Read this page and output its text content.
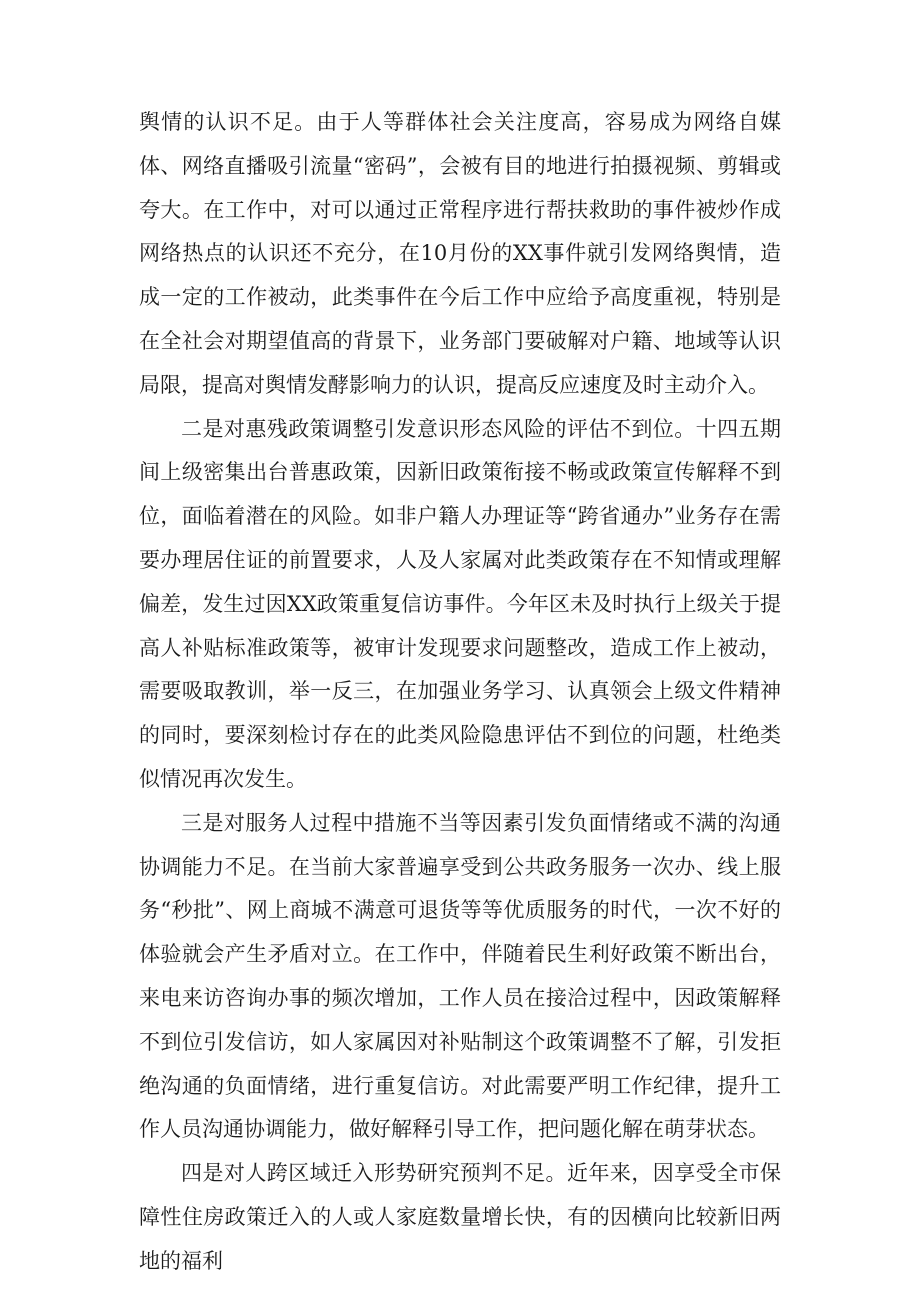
舆情的认识不足。由于人等群体社会关注度高，容易成为网络自媒体、网络直播吸引流量“密码”，会被有目的地进行拍摄视频、剪辑或夸大。在工作中，对可以通过正常程序进行帮扶救助的事件被炒作成网络热点的认识还不充分，在10月份的XX事件就引发网络舆情，造成一定的工作被动，此类事件在今后工作中应给予高度重视，特别是在全社会对期望值高的背景下，业务部门要破解对户籍、地域等认识局限，提高对舆情发酵影响力的认识，提高反应速度及时主动介入。

二是对惠残政策调整引发意识形态风险的评估不到位。十四五期间上级密集出台普惠政策，因新旧政策衔接不畅或政策宣传解释不到位，面临着潜在的风险。如非户籍人办理证等“跨省通办”业务存在需要办理居住证的前置要求，人及人家属对此类政策存在不知情或理解偏差，发生过因XX政策重复信访事件。今年区未及时执行上级关于提高人补贴标准政策等，被审计发现要求问题整改，造成工作上被动，需要吸取教训，举一反三，在加强业务学习、认真领会上级文件精神的同时，要深刻检讨存在的此类风险隐患评估不到位的问题，杜绝类似情况再次发生。

三是对服务人过程中措施不当等因素引发负面情绪或不满的沟通协调能力不足。在当前大家普遍享受到公共政务服务一次办、线上服务“秒批”、网上商城不满意可退货等等优质服务的时代，一次不好的体验就会产生矛盾对立。在工作中，伴随着民生利好政策不断出台，来电来访咨询办事的频次增加，工作人员在接洽过程中，因政策解释不到位引发信访，如人家属因对补贴制这个政策调整不了解，引发拒绝沟通的负面情绪，进行重复信访。对此需要严明工作纪律，提升工作人员沟通协调能力，做好解释引导工作，把问题化解在萌芽状态。

四是对人跨区域迁入形势研究预判不足。近年来，因享受全市保障性住房政策迁入的人或人家庭数量增长快，有的因横向比较新旧两地的福利
